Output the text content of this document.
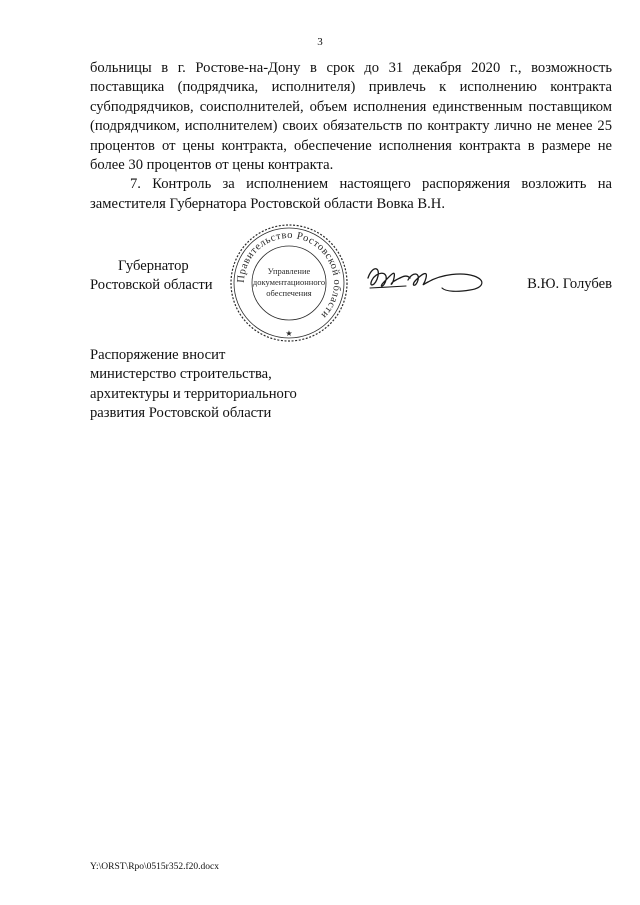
3

больницы в г. Ростове-на-Дону в срок до 31 декабря 2020 г., возможность поставщика (подрядчика, исполнителя) привлечь к исполнению контракта субподрядчиков, соисполнителей, объем исполнения единственным поставщиком (подрядчиком, исполнителем) своих обязательств по контракту лично не менее 25 процентов от цены контракта, обеспечение исполнения контракта в размере не более 30 процентов от цены контракта.

7. Контроль за исполнением настоящего распоряжения возложить на заместителя Губернатора Ростовской области Вовка В.Н.

Губернатор
Ростовской области Правительство Ростовской области
Управление
документационного
обеспечения
★
В.Ю. Голубев
Распоряжение вносит
министерство строительства,
архитектуры и территориального
развития Ростовской области
Y:\ORST\Rpo\0515r352.f20.docx
